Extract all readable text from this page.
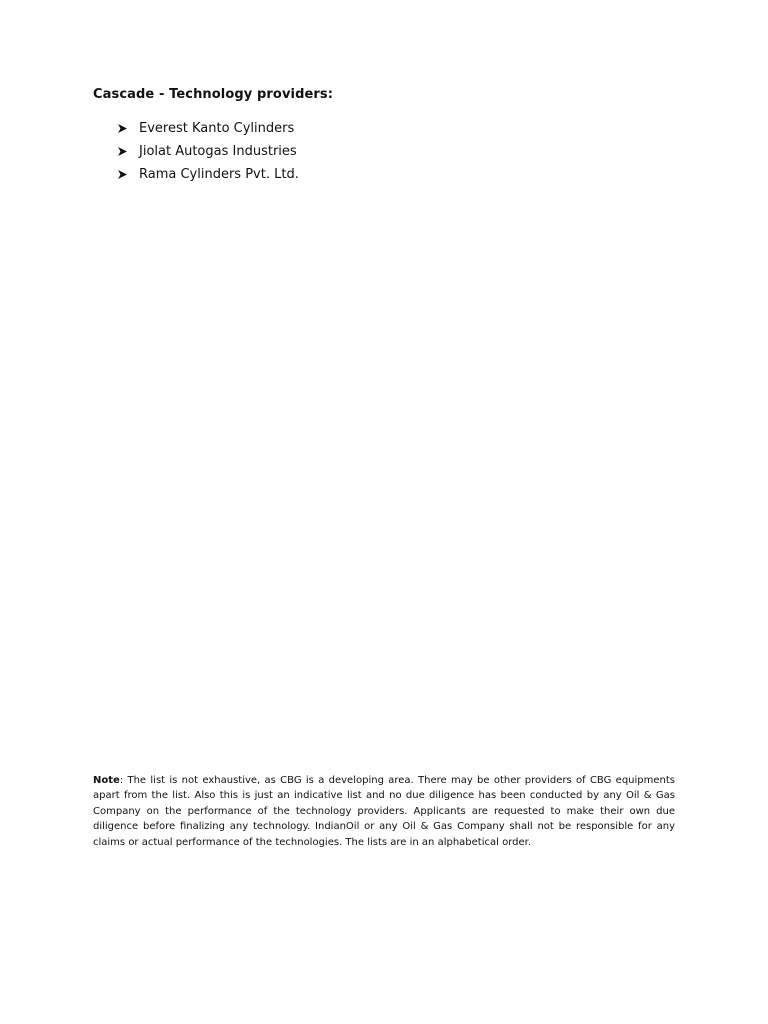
Cascade - Technology providers:
Everest Kanto Cylinders
Jiolat Autogas Industries
Rama Cylinders Pvt. Ltd.

Note: The list is not exhaustive, as CBG is a developing area. There may be other providers of CBG equipments apart from the list. Also this is just an indicative list and no due diligence has been conducted by any Oil & Gas Company on the performance of the technology providers. Applicants are requested to make their own due diligence before finalizing any technology. IndianOil or any Oil & Gas Company shall not be responsible for any claims or actual performance of the technologies. The lists are in an alphabetical order.
